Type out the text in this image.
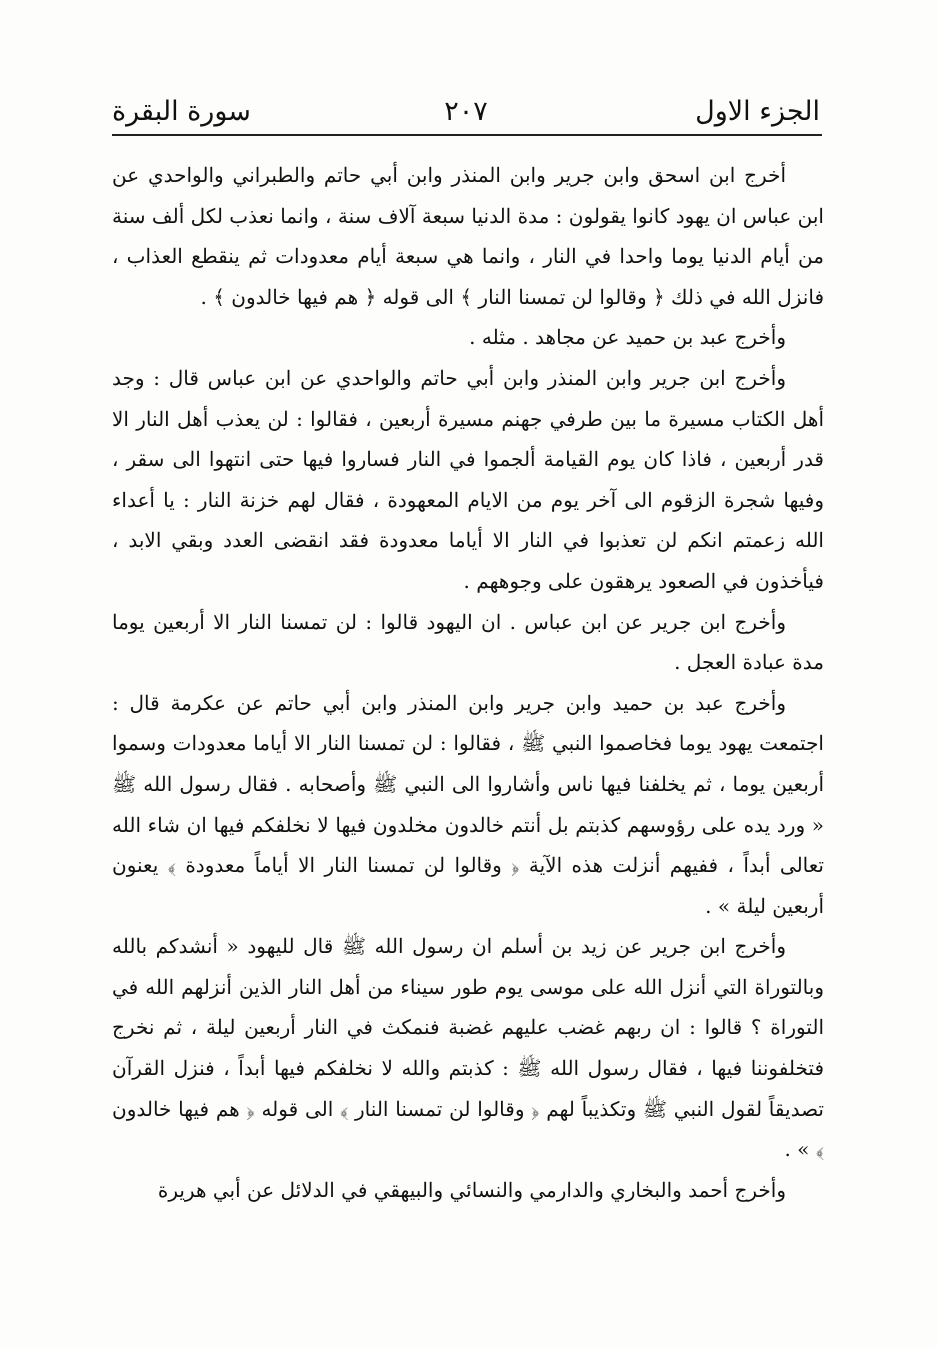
الجزء الاول
٢٠٧
سورة البقرة

أخرج ابن اسحق وابن جرير وابن المنذر وابن أبي حاتم والطبراني والواحدي عن ابن عباس ان يهود كانوا يقولون : مدة الدنيا سبعة آلاف سنة ، وانما نعذب لكل ألف سنة من أيام الدنيا يوما واحدا في النار ، وانما هي سبعة أيام معدودات ثم ينقطع العذاب ، فانزل الله في ذلك ﴿ وقالوا لن تمسنا النار ﴾ الى قوله ﴿ هم فيها خالدون ﴾ .

وأخرج عبد بن حميد عن مجاهد . مثله .

وأخرج ابن جرير وابن المنذر وابن أبي حاتم والواحدي عن ابن عباس قال : وجد أهل الكتاب مسيرة ما بين طرفي جهنم مسيرة أربعين ، فقالوا : لن يعذب أهل النار الا قدر أربعين ، فاذا كان يوم القيامة ألجموا في النار فساروا فيها حتى انتهوا الى سقر ، وفيها شجرة الزقوم الى آخر يوم من الايام المعهودة ، فقال لهم خزنة النار : يا أعداء الله زعمتم انكم لن تعذبوا في النار الا أياما معدودة فقد انقضى العدد وبقي الابد ، فيأخذون في الصعود يرهقون على وجوههم .

وأخرج ابن جرير عن ابن عباس . ان اليهود قالوا : لن تمسنا النار الا أربعين يوما مدة عبادة العجل .

وأخرج عبد بن حميد وابن جرير وابن المنذر وابن أبي حاتم عن عكرمة قال : اجتمعت يهود يوما فخاصموا النبي ﷺ ، فقالوا : لن تمسنا النار الا أياما معدودات وسموا أربعين يوما ، ثم يخلفنا فيها ناس وأشاروا الى النبي ﷺ وأصحابه . فقال رسول الله ﷺ « ورد يده على رؤوسهم كذبتم بل أنتم خالدون مخلدون فيها لا نخلفكم فيها ان شاء الله تعالى أبداً ، ففيهم أنزلت هذه الآية ﴿ وقالوا لن تمسنا النار الا أياماً معدودة ﴾ يعنون أربعين ليلة » .

وأخرج ابن جرير عن زيد بن أسلم ان رسول الله ﷺ قال لليهود « أنشدكم بالله وبالتوراة التي أنزل الله على موسى يوم طور سيناء من أهل النار الذين أنزلهم الله في التوراة ؟ قالوا : ان ربهم غضب عليهم غضبة فنمكث في النار أربعين ليلة ، ثم نخرج فتخلفوننا فيها ، فقال رسول الله ﷺ : كذبتم والله لا نخلفكم فيها أبداً ، فنزل القرآن تصديقاً لقول النبي ﷺ وتكذيباً لهم ﴿ وقالوا لن تمسنا النار ﴾ الى قوله ﴿ هم فيها خالدون ﴾ » .

وأخرج أحمد والبخاري والدارمي والنسائي والبيهقي في الدلائل عن أبي هريرة
